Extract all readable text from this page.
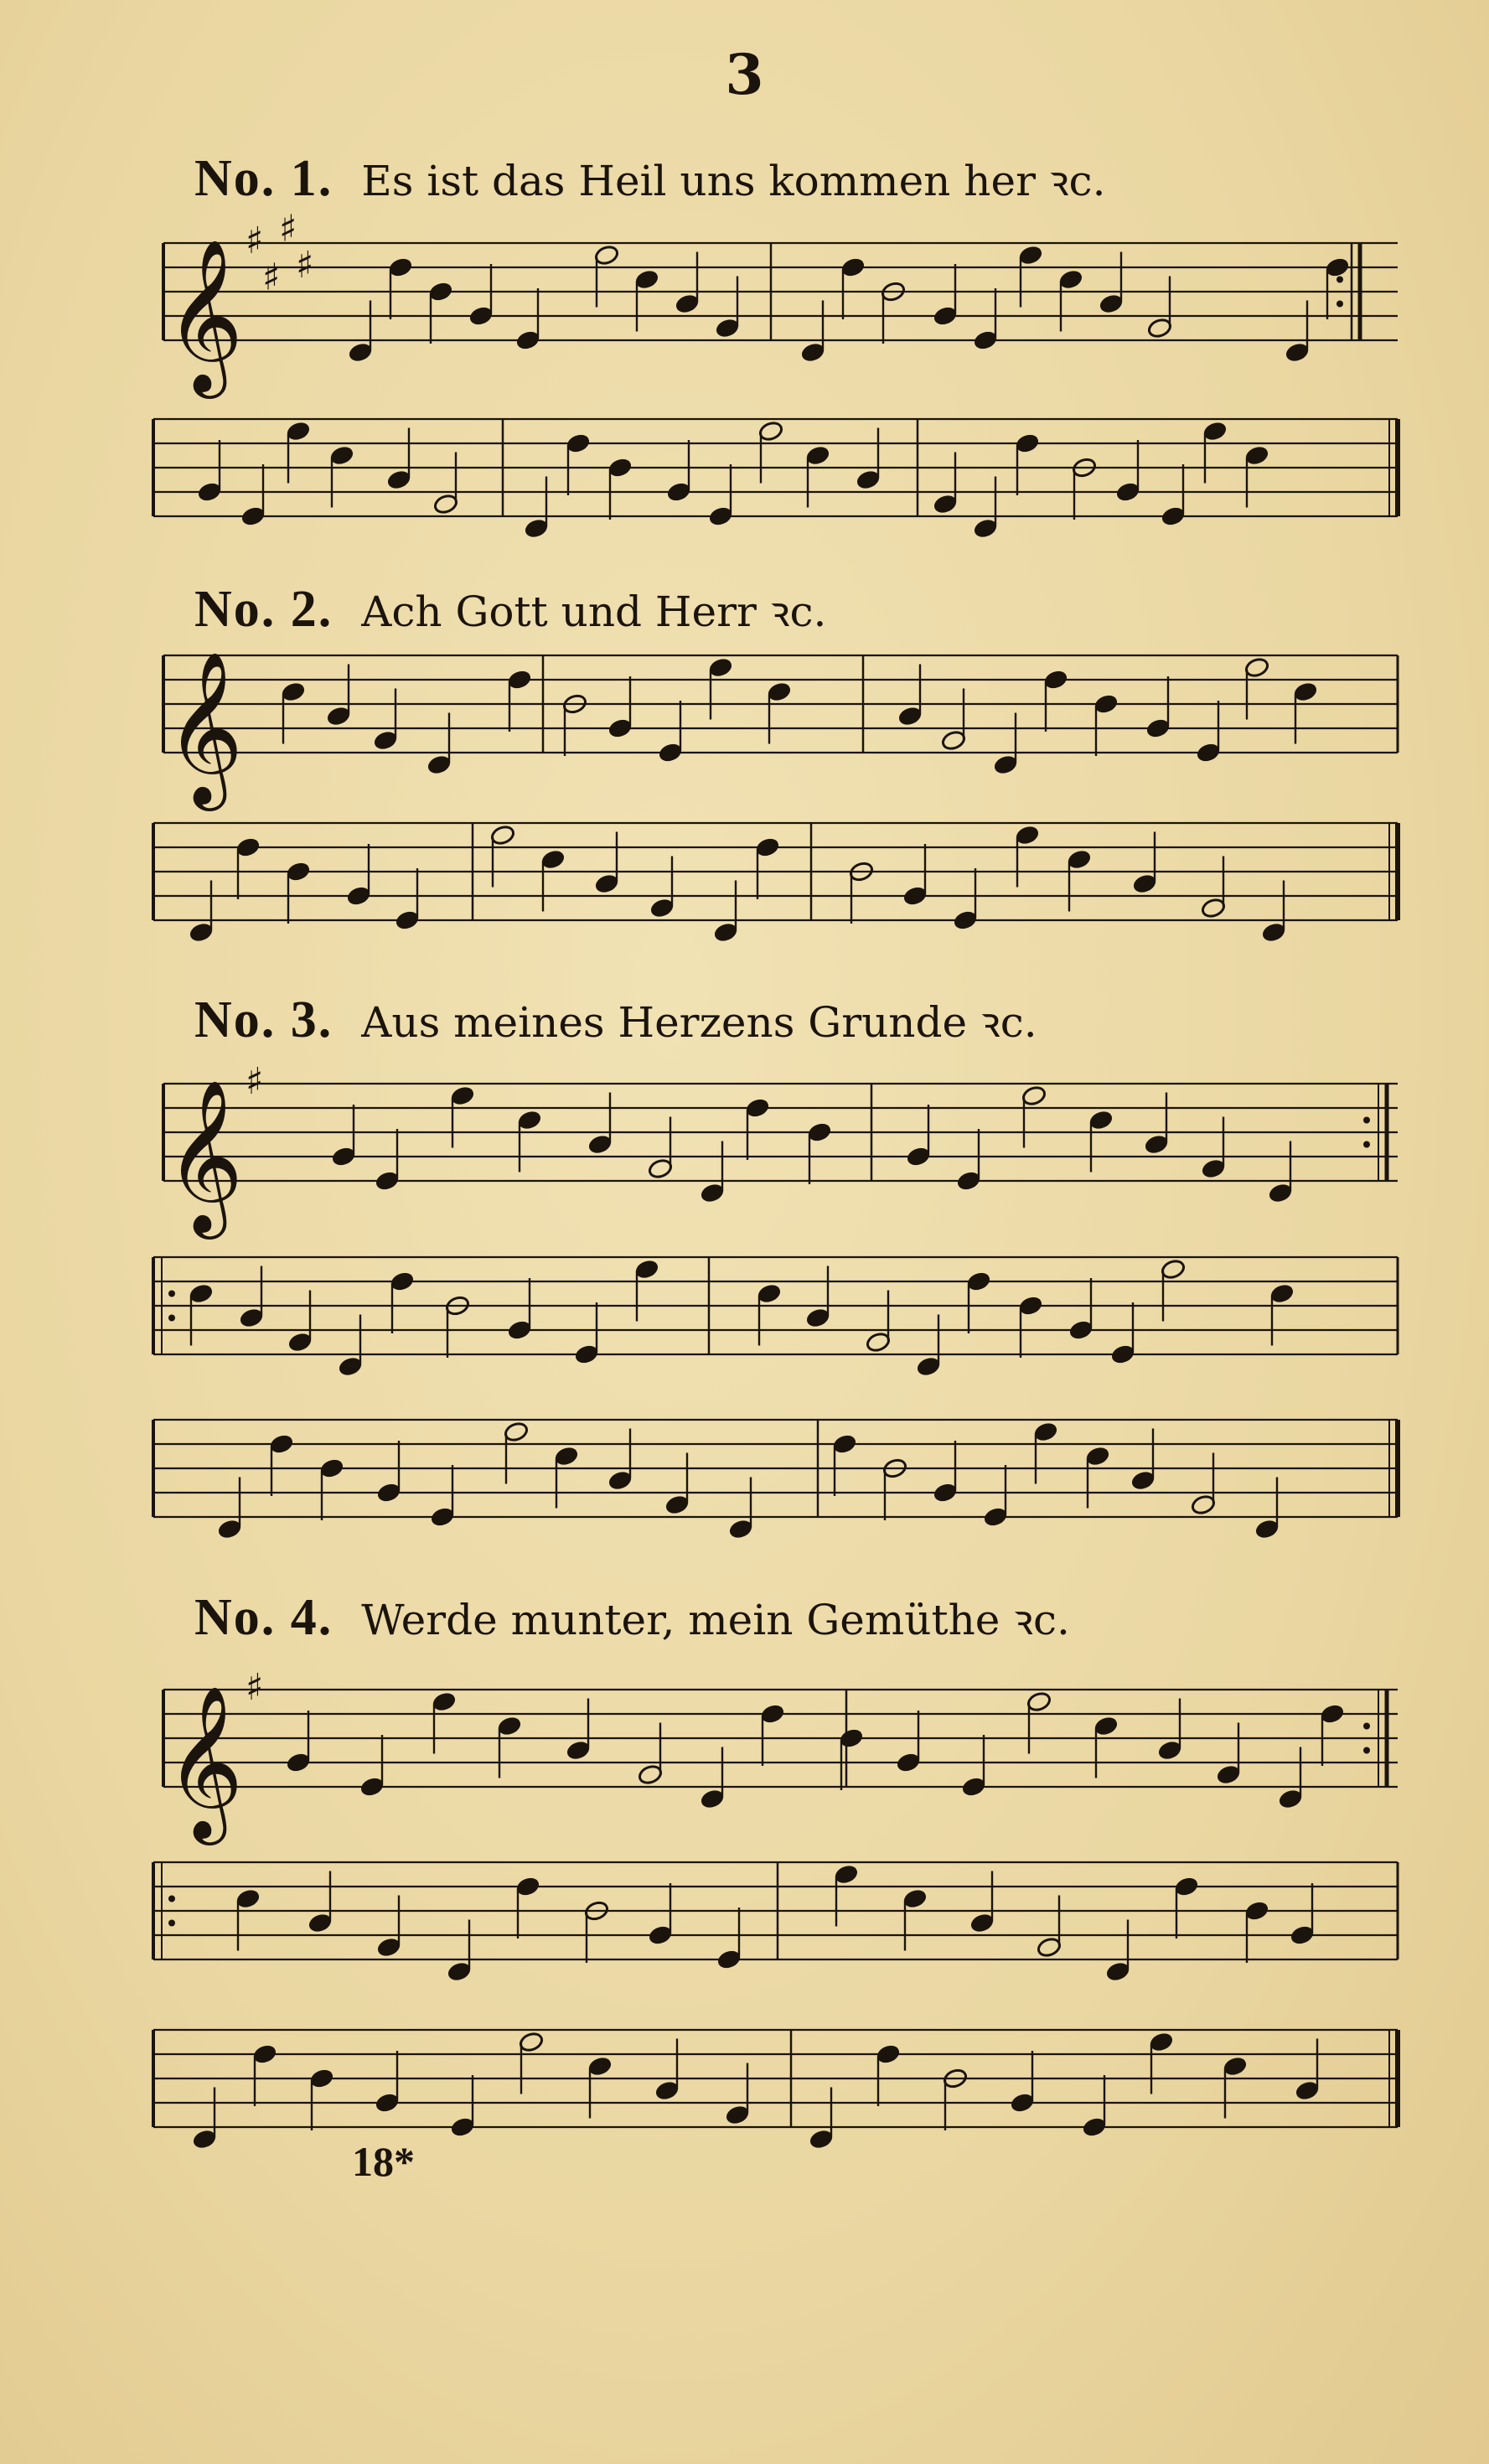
3
No. 1. Es ist das Heil uns kommen her ꝛc.
No. 2. Ach Gott und Herr ꝛc.
No. 3. Aus meines Herzens Grunde ꝛc.
No. 4. Werde munter, mein Gemüthe ꝛc.
𝄞 ♯
♯
♯
♯
𝄞
𝄞 ♯
𝄞 ♯
18*
